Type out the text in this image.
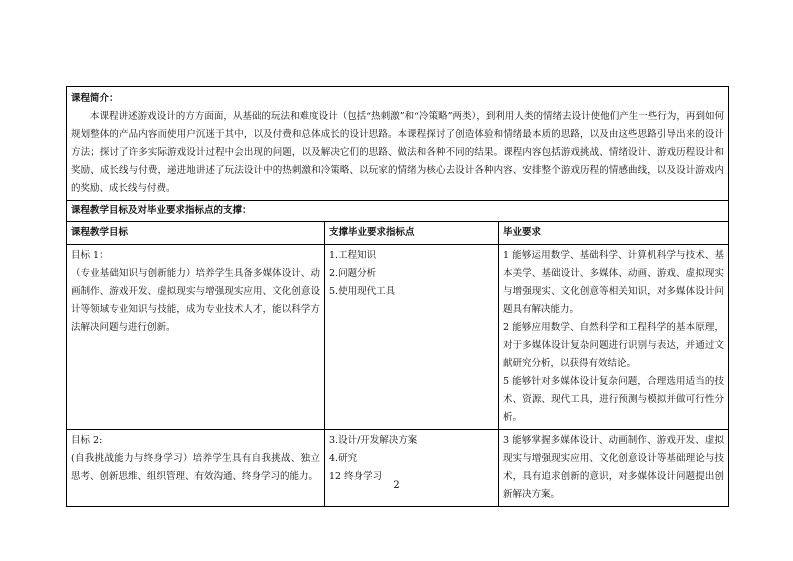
课程简介：
本课程讲述游戏设计的方方面面，从基础的玩法和难度设计（包括“热刺激”和“冷策略”两类），到利用人类的情绪去设计使他们产生一些行为，再到如何规划整体的产品内容而使用户沉迷于其中，以及付费和总体成长的设计思路。本课程探讨了创造体验和情绪最本质的思路，以及由这些思路引导出来的设计方法；探讨了许多实际游戏设计过程中会出现的问题，以及解决它们的思路、做法和各种不同的结果。课程内容包括游戏挑战、情绪设计、游戏历程设计和奖励、成长线与付费，递进地讲述了玩法设计中的热刺激和冷策略、以玩家的情绪为核心去设计各种内容、安排整个游戏历程的情感曲线，以及设计游戏内的奖励、成长线与付费。		

课程教学目标及对毕业要求指标点的支撑：		
课程教学目标	支撑毕业要求指标点	毕业要求

目标 1：
（专业基础知识与创新能力）培养学生具备多媒体设计、动画制作、游戏开发、虚拟现实与增强现实应用、文化创意设计等领域专业知识与技能，成为专业技术人才，能以科学方法解决问题与进行创新。	1.工程知识
2.问题分析
5.使用现代工具	1 能够运用数学、基础科学、计算机科学与技术、基本美学、基础设计、多媒体、动画、游戏、虚拟现实与增强现实、文化创意等相关知识，对多媒体设计问题具有解决能力。
2 能够应用数学、自然科学和工程科学的基本原理，对于多媒体设计复杂问题进行识别与表达，并通过文献研究分析，以获得有效结论。
5 能够针对多媒体设计复杂问题，合理选用适当的技术、资源、现代工具，进行预测与模拟并做可行性分析。

目标 2:
(自我挑战能力与终身学习）培养学生具有自我挑战、独立思考、创新思维、组织管理、有效沟通、终身学习的能力。	3.设计/开发解决方案
4.研究
12 终身学习	3 能够掌握多媒体设计、动画制作、游戏开发、虚拟现实与增强现实应用、文化创意设计等基础理论与技术，具有追求创新的意识，对多媒体设计问题提出创新解决方案。
2
